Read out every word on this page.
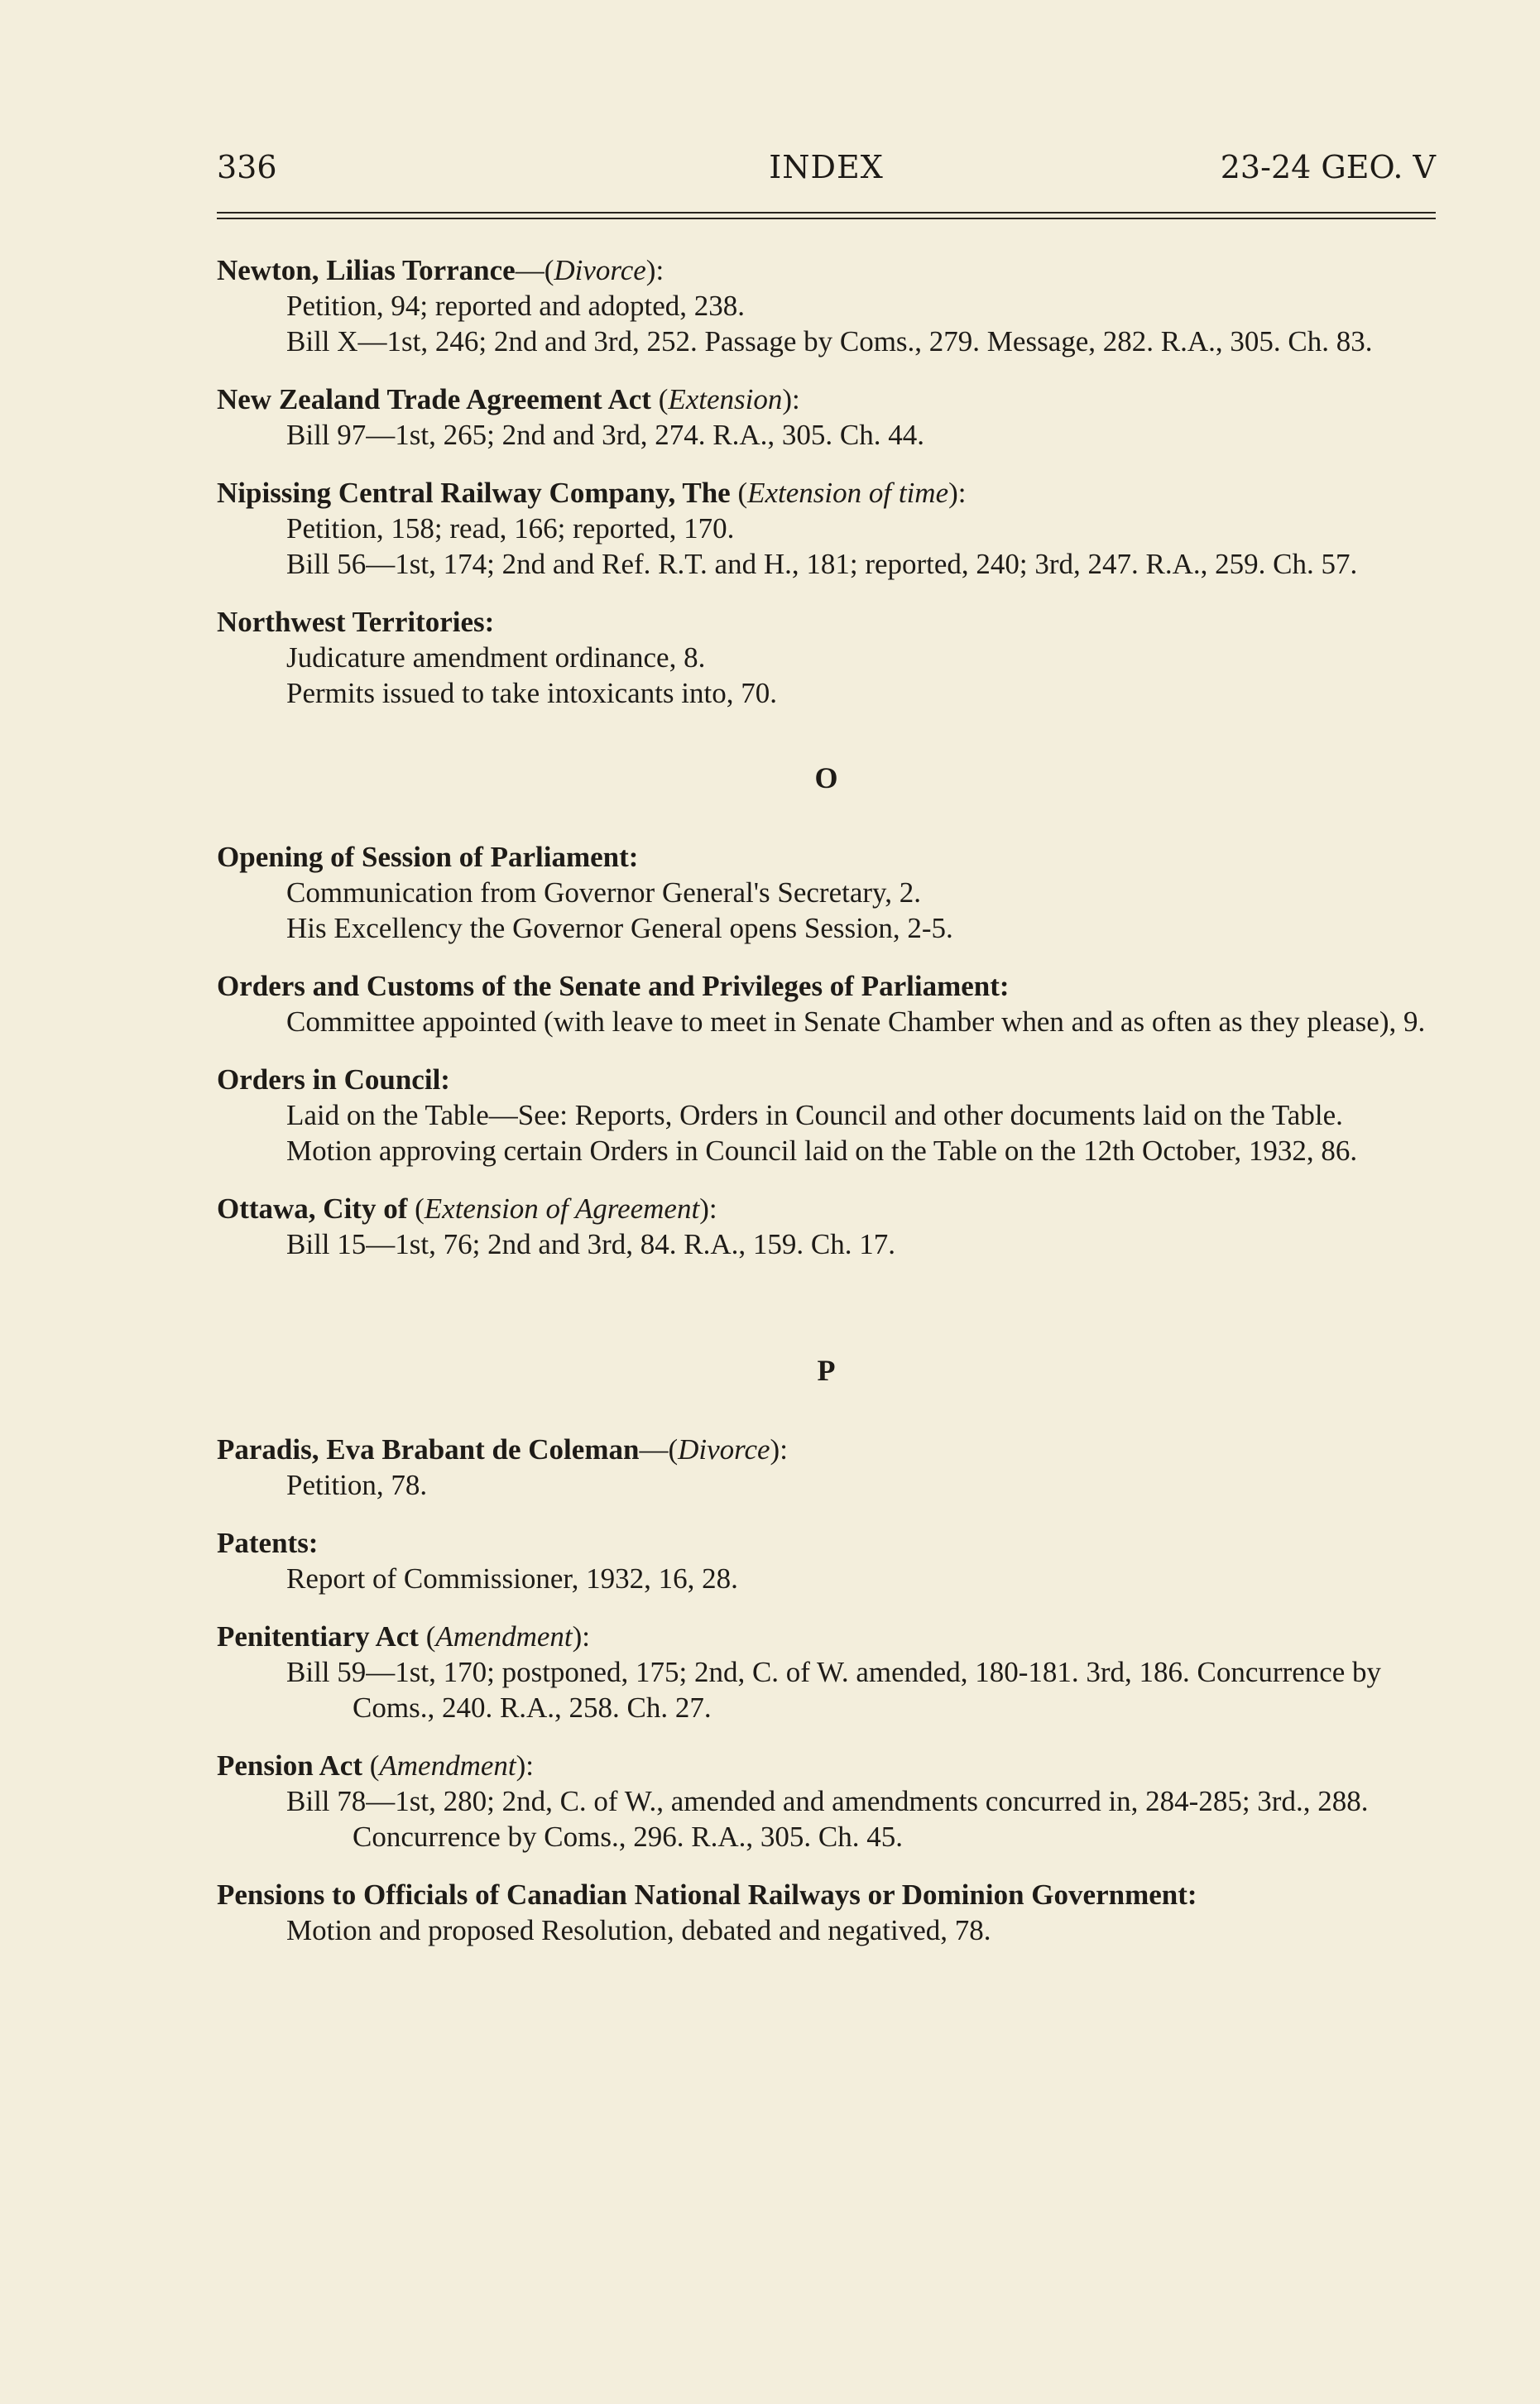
336	INDEX	23-24 GEO. V
Newton, Lilias Torrance—(Divorce):

Petition, 94; reported and adopted, 238.

Bill X—1st, 246; 2nd and 3rd, 252. Passage by Coms., 279. Message, 282. R.A., 305. Ch. 83.

New Zealand Trade Agreement Act (Extension):

Bill 97—1st, 265; 2nd and 3rd, 274. R.A., 305. Ch. 44.

Nipissing Central Railway Company, The (Extension of time):

Petition, 158; read, 166; reported, 170.

Bill 56—1st, 174; 2nd and Ref. R.T. and H., 181; reported, 240; 3rd, 247. R.A., 259. Ch. 57.

Northwest Territories:

Judicature amendment ordinance, 8.

Permits issued to take intoxicants into, 70.

O
Opening of Session of Parliament:

Communication from Governor General's Secretary, 2.

His Excellency the Governor General opens Session, 2-5.

Orders and Customs of the Senate and Privileges of Parliament:

Committee appointed (with leave to meet in Senate Chamber when and as often as they please), 9.

Orders in Council:

Laid on the Table—See: Reports, Orders in Council and other documents laid on the Table.

Motion approving certain Orders in Council laid on the Table on the 12th October, 1932, 86.

Ottawa, City of (Extension of Agreement):

Bill 15—1st, 76; 2nd and 3rd, 84. R.A., 159. Ch. 17.

P
Paradis, Eva Brabant de Coleman—(Divorce):

Petition, 78.

Patents:

Report of Commissioner, 1932, 16, 28.

Penitentiary Act (Amendment):

Bill 59—1st, 170; postponed, 175; 2nd, C. of W. amended, 180-181. 3rd, 186. Concurrence by Coms., 240. R.A., 258. Ch. 27.

Pension Act (Amendment):

Bill 78—1st, 280; 2nd, C. of W., amended and amendments concurred in, 284-285; 3rd., 288. Concurrence by Coms., 296. R.A., 305. Ch. 45.

Pensions to Officials of Canadian National Railways or Dominion Government:

Motion and proposed Resolution, debated and negatived, 78.
